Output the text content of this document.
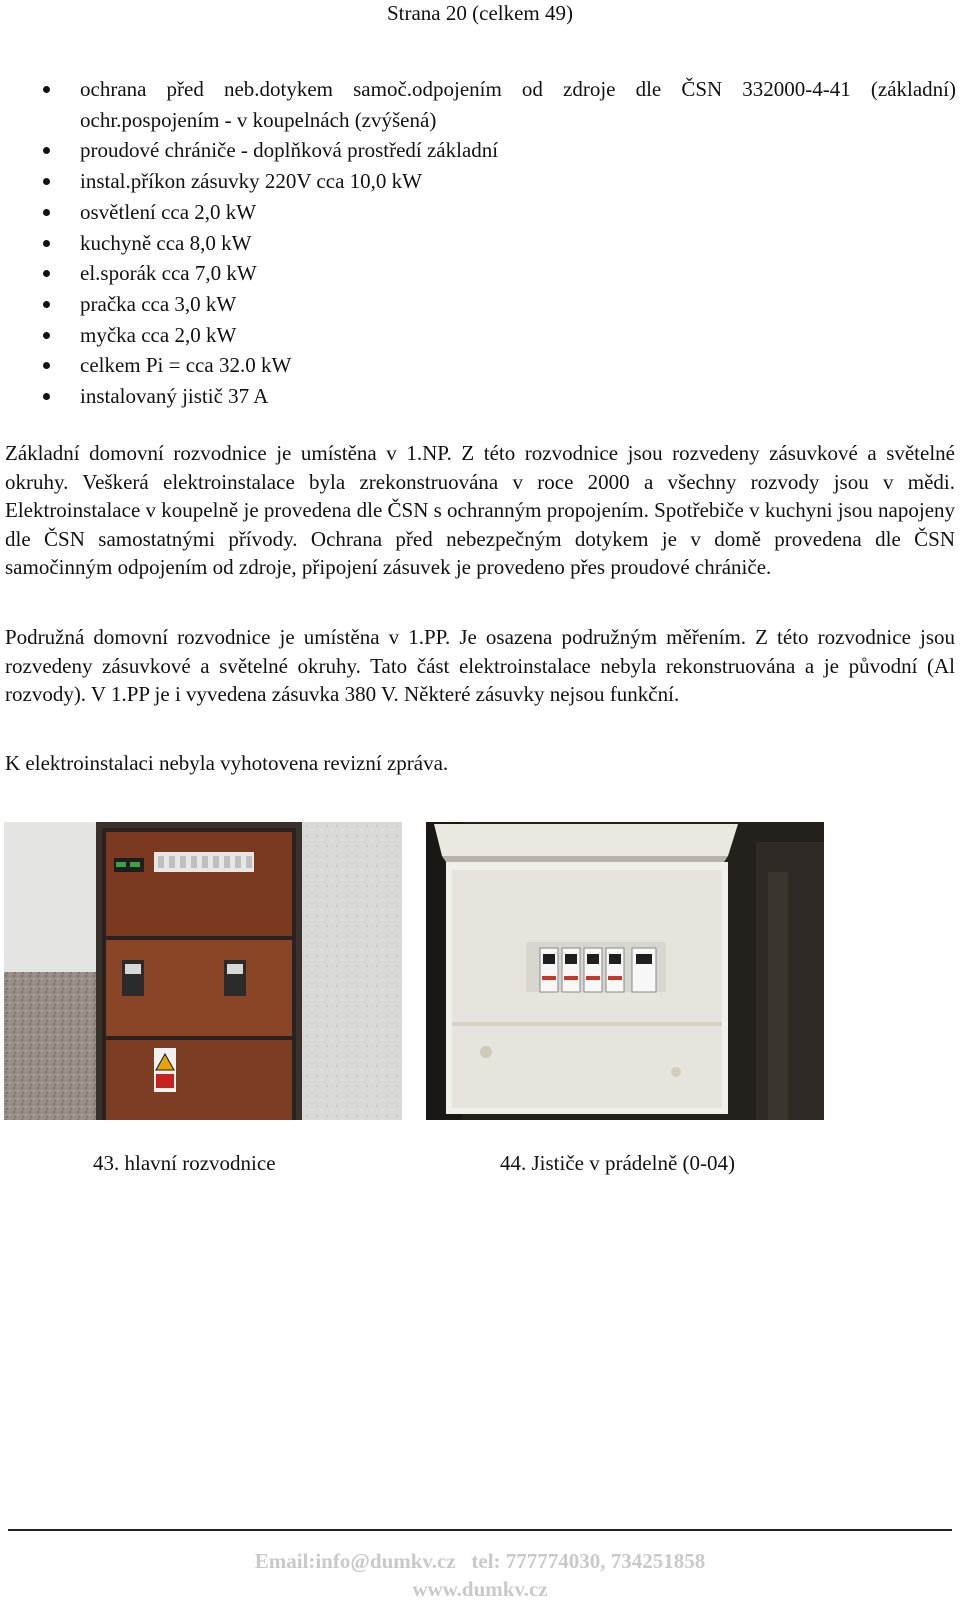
Strana 20 (celkem 49)
ochrana před neb.dotykem samoč.odpojením od zdroje dle ČSN 332000-4-41 (základní) ochr.pospojením - v koupelnách (zvýšená)
proudové chrániče - doplňková prostředí základní
instal.příkon zásuvky 220V cca 10,0 kW
osvětlení cca 2,0 kW
kuchyně cca 8,0 kW
el.sporák cca 7,0 kW
pračka cca 3,0 kW
myčka cca 2,0 kW
celkem Pi = cca 32.0 kW
instalovaný jistič 37 A

Základní domovní rozvodnice je umístěna v 1.NP. Z této rozvodnice jsou rozvedeny zásuvkové a světelné okruhy. Veškerá elektroinstalace byla zrekonstruována v roce 2000 a všechny rozvody jsou v mědi. Elektroinstalace v koupelně je provedena dle ČSN s ochranným propojením. Spotřebiče v kuchyni jsou napojeny dle ČSN samostatnými přívody. Ochrana před nebezpečným dotykem je v domě provedena dle ČSN samočinným odpojením od zdroje, připojení zásuvek je provedeno přes proudové chrániče.

Podružná domovní rozvodnice je umístěna v 1.PP. Je osazena podružným měřením. Z této rozvodnice jsou rozvedeny zásuvkové a světelné okruhy. Tato část elektroinstalace nebyla rekonstruována a je původní (Al rozvody). V 1.PP je i vyvedena zásuvka 380 V. Některé zásuvky nejsou funkční.

K elektroinstalaci nebyla vyhotovena revizní zpráva.

43. hlavní rozvodnice	44. Jističe v prádelně (0-04)
Email:info@dumkv.cz   tel: 777774030, 734251858
www.dumkv.cz
